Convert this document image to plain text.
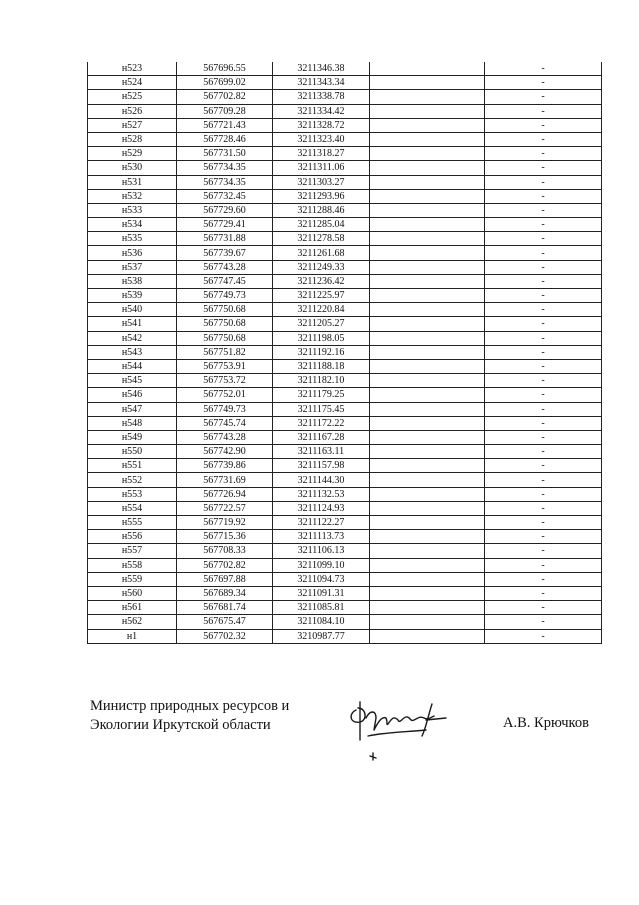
н523	567696.55	3211346.38		-
н524	567699.02	3211343.34		-
н525	567702.82	3211338.78		-
н526	567709.28	3211334.42		-
н527	567721.43	3211328.72		-
н528	567728.46	3211323.40		-
н529	567731.50	3211318.27		-
н530	567734.35	3211311.06		-
н531	567734.35	3211303.27		-
н532	567732.45	3211293.96		-
н533	567729.60	3211288.46		-
н534	567729.41	3211285.04		-
н535	567731.88	3211278.58		-
н536	567739.67	3211261.68		-
н537	567743.28	3211249.33		-
н538	567747.45	3211236.42		-
н539	567749.73	3211225.97		-
н540	567750.68	3211220.84		-
н541	567750.68	3211205.27		-
н542	567750.68	3211198.05		-
н543	567751.82	3211192.16		-
н544	567753.91	3211188.18		-
н545	567753.72	3211182.10		-
н546	567752.01	3211179.25		-
н547	567749.73	3211175.45		-
н548	567745.74	3211172.22		-
н549	567743.28	3211167.28		-
н550	567742.90	3211163.11		-
н551	567739.86	3211157.98		-
н552	567731.69	3211144.30		-
н553	567726.94	3211132.53		-
н554	567722.57	3211124.93		-
н555	567719.92	3211122.27		-
н556	567715.36	3211113.73		-
н557	567708.33	3211106.13		-
н558	567702.82	3211099.10		-
н559	567697.88	3211094.73		-
н560	567689.34	3211091.31		-
н561	567681.74	3211085.81		-
н562	567675.47	3211084.10		-
н1	567702.32	3210987.77		-
Министр природных ресурсов и
Экологии Иркутской области	А.В. Крючков
